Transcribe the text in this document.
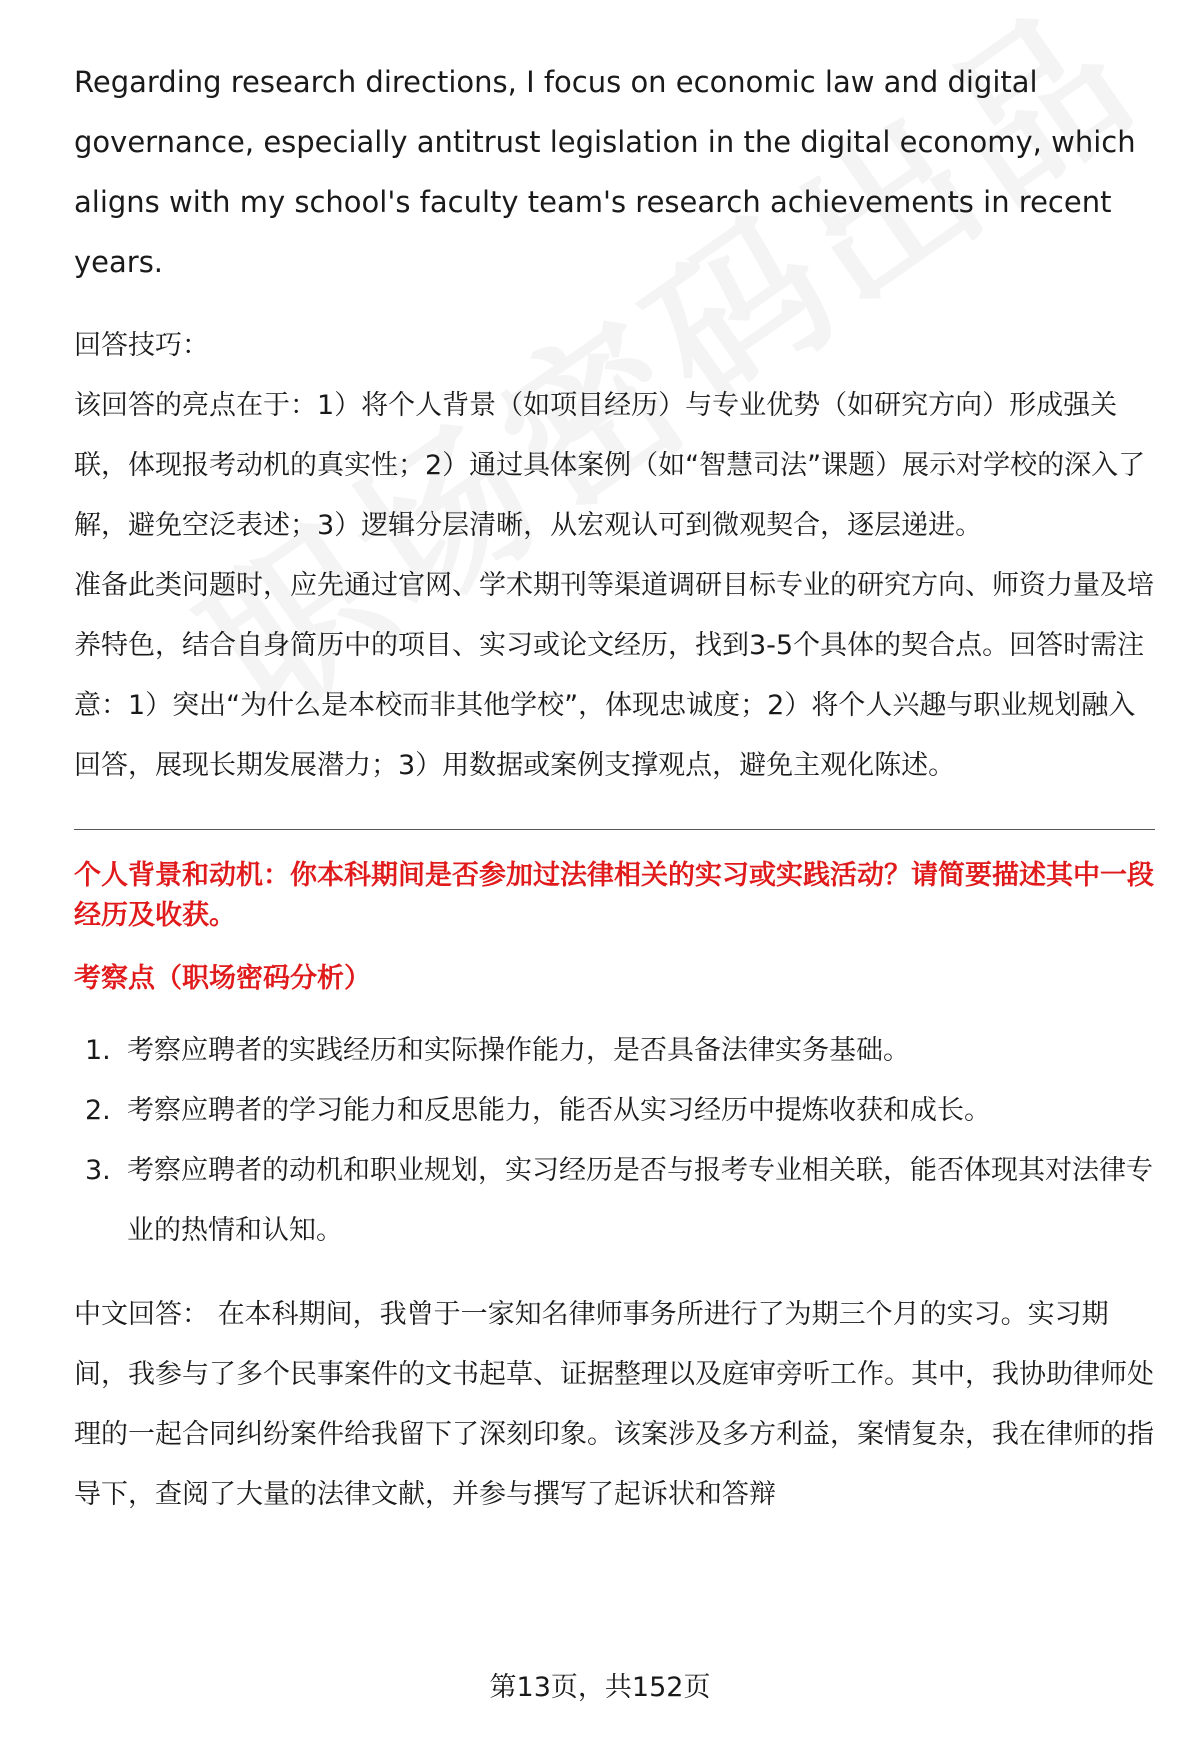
Regarding research directions, I focus on economic law and digital governance, especially antitrust legislation in the digital economy, which aligns with my school's faculty team's research achievements in recent years.

回答技巧：

该回答的亮点在于：1）将个人背景（如项目经历）与专业优势（如研究方向）形成强关联，体现报考动机的真实性；2）通过具体案例（如“智慧司法”课题）展示对学校的深入了解，避免空泛表述；3）逻辑分层清晰，从宏观认可到微观契合，逐层递进。

准备此类问题时，应先通过官网、学术期刊等渠道调研目标专业的研究方向、师资力量及培养特色，结合自身简历中的项目、实习或论文经历，找到3-5个具体的契合点。回答时需注意：1）突出“为什么是本校而非其他学校”，体现忠诚度；2）将个人兴趣与职业规划融入回答，展现长期发展潜力；3）用数据或案例支撑观点，避免主观化陈述。

个人背景和动机：你本科期间是否参加过法律相关的实习或实践活动？请简要描述其中一段经历及收获。

考察点（职场密码分析）

1. 考察应聘者的实践经历和实际操作能力，是否具备法律实务基础。
2. 考察应聘者的学习能力和反思能力，能否从实习经历中提炼收获和成长。
3. 考察应聘者的动机和职业规划，实习经历是否与报考专业相关联，能否体现其对法律专业的热情和认知。

中文回答： 在本科期间，我曾于一家知名律师事务所进行了为期三个月的实习。实习期间，我参与了多个民事案件的文书起草、证据整理以及庭审旁听工作。其中，我协助律师处理的一起合同纠纷案件给我留下了深刻印象。该案涉及多方利益，案情复杂，我在律师的指导下，查阅了大量的法律文献，并参与撰写了起诉状和答辩

第13页，共152页
